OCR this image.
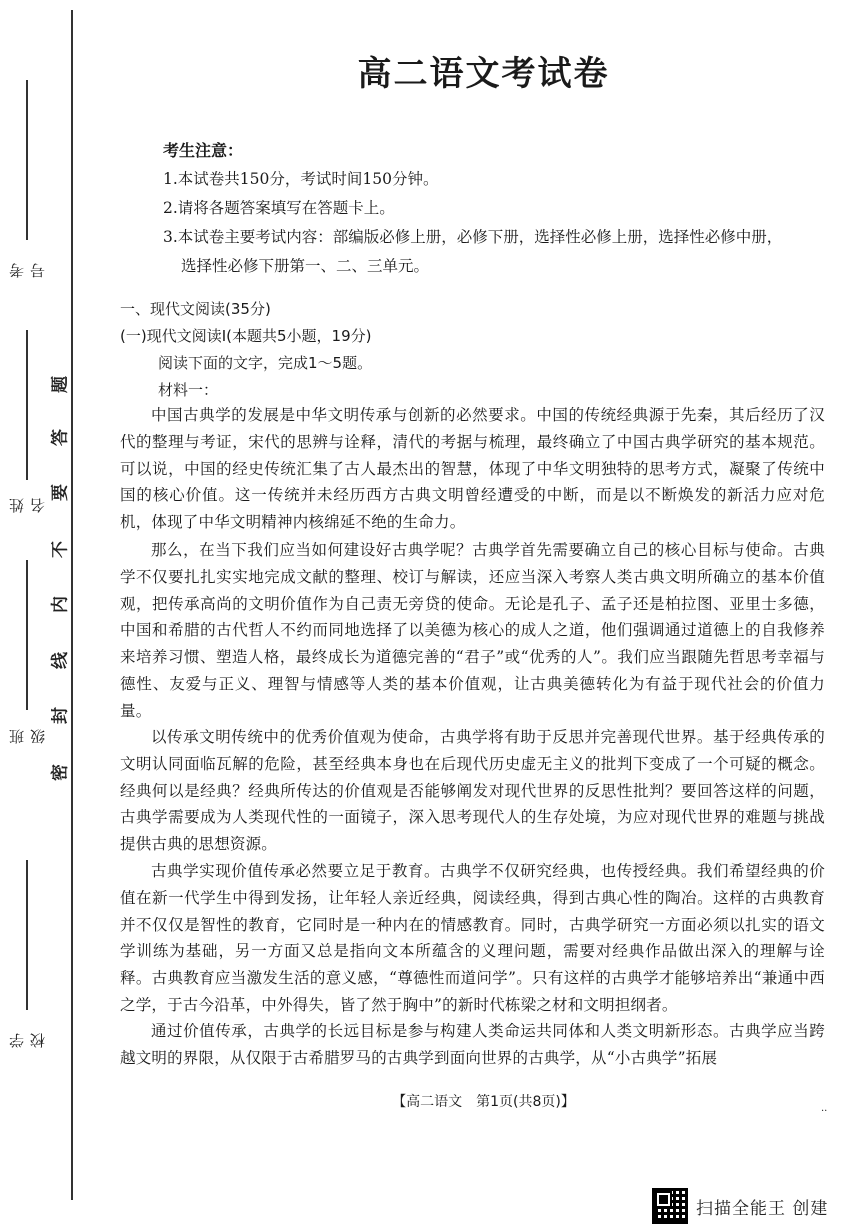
考号
姓名
班级
学校
题
答
要
不
内
线
封
密
高二语文考试卷
考生注意：
1.本试卷共150分，考试时间150分钟。
2.请将各题答案填写在答题卡上。
3.本试卷主要考试内容：部编版必修上册，必修下册，选择性必修上册，选择性必修中册，
选择性必修下册第一、二、三单元。
一、现代文阅读(35分)
(一)现代文阅读Ⅰ(本题共5小题，19分)
阅读下面的文字，完成1～5题。
材料一：
中国古典学的发展是中华文明传承与创新的必然要求。中国的传统经典源于先秦，其后经历了汉代的整理与考证，宋代的思辨与诠释，清代的考据与梳理，最终确立了中国古典学研究的基本规范。可以说，中国的经史传统汇集了古人最杰出的智慧，体现了中华文明独特的思考方式，凝聚了传统中国的核心价值。这一传统并未经历西方古典文明曾经遭受的中断，而是以不断焕发的新活力应对危机，体现了中华文明精神内核绵延不绝的生命力。
那么，在当下我们应当如何建设好古典学呢？古典学首先需要确立自己的核心目标与使命。古典学不仅要扎扎实实地完成文献的整理、校订与解读，还应当深入考察人类古典文明所确立的基本价值观，把传承高尚的文明价值作为自己责无旁贷的使命。无论是孔子、孟子还是柏拉图、亚里士多德，中国和希腊的古代哲人不约而同地选择了以美德为核心的成人之道，他们强调通过道德上的自我修养来培养习惯、塑造人格，最终成长为道德完善的“君子”或“优秀的人”。我们应当跟随先哲思考幸福与德性、友爱与正义、理智与情感等人类的基本价值观，让古典美德转化为有益于现代社会的价值力量。
以传承文明传统中的优秀价值观为使命，古典学将有助于反思并完善现代世界。基于经典传承的文明认同面临瓦解的危险，甚至经典本身也在后现代历史虚无主义的批判下变成了一个可疑的概念。经典何以是经典？经典所传达的价值观是否能够阐发对现代世界的反思性批判？要回答这样的问题，古典学需要成为人类现代性的一面镜子，深入思考现代人的生存处境，为应对现代世界的难题与挑战提供古典的思想资源。
古典学实现价值传承必然要立足于教育。古典学不仅研究经典，也传授经典。我们希望经典的价值在新一代学生中得到发扬，让年轻人亲近经典，阅读经典，得到古典心性的陶冶。这样的古典教育并不仅仅是智性的教育，它同时是一种内在的情感教育。同时，古典学研究一方面必须以扎实的语文学训练为基础，另一方面又总是指向文本所蕴含的义理问题，需要对经典作品做出深入的理解与诠释。古典教育应当激发生活的意义感，“尊德性而道问学”。只有这样的古典学才能够培养出“兼通中西之学，于古今沿革，中外得失，皆了然于胸中”的新时代栋梁之材和文明担纲者。
通过价值传承，古典学的长远目标是参与构建人类命运共同体和人类文明新形态。古典学应当跨越文明的界限，从仅限于古希腊罗马的古典学到面向世界的古典学，从“小古典学”拓展
【高二语文　第1页(共8页)】	..
扫描全能王 创建
